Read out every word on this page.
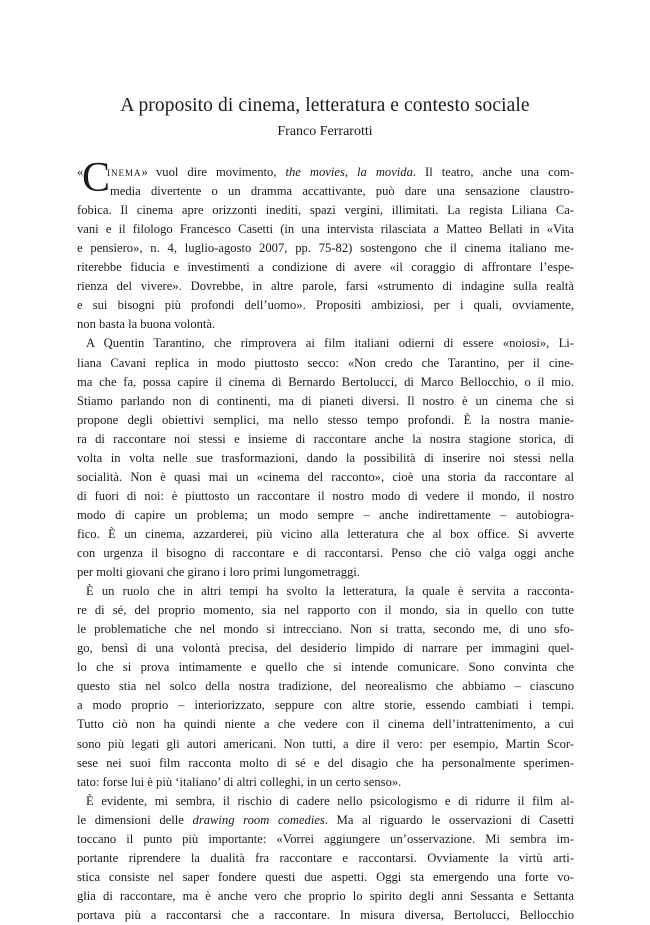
A proposito di cinema, letteratura e contesto sociale
Franco Ferrarotti
«
C
inema» vuol dire movimento, the movies, la movida. Il teatro, anche una com-
media divertente o un dramma accattivante, può dare una sensazione claustro-
fobica. Il cinema apre orizzonti inediti, spazi vergini, illimitati. La regista Liliana Ca-
vani e il filologo Francesco Casetti (in una intervista rilasciata a Matteo Bellati in «Vita
e pensiero», n. 4, luglio-agosto 2007, pp. 75-82) sostengono che il cinema italiano me-
riterebbe fiducia e investimenti a condizione di avere «il coraggio di affrontare l’espe-
rienza del vivere». Dovrebbe, in altre parole, farsi «strumento di indagine sulla realtà
e sui bisogni più profondi dell’uomo». Propositi ambiziosi, per i quali, ovviamente,
non basta la buona volontà.
A Quentin Tarantino, che rimprovera ai film italiani odierni di essere «noiosi», Li-
liana Cavani replica in modo piuttosto secco: «Non credo che Tarantino, per il cine-
ma che fa, possa capire il cinema di Bernardo Bertolucci, di Marco Bellocchio, o il mio.
Stiamo parlando non di continenti, ma di pianeti diversi. Il nostro è un cinema che si
propone degli obiettivi semplici, ma nello stesso tempo profondi. È la nostra manie-
ra di raccontare noi stessi e insieme di raccontare anche la nostra stagione storica, di
volta in volta nelle sue trasformazioni, dando la possibilità di inserire noi stessi nella
socialità. Non è quasi mai un «cinema del racconto», cioè una storia da raccontare al
di fuori di noi: è piuttosto un raccontare il nostro modo di vedere il mondo, il nostro
modo di capire un problema; un modo sempre – anche indirettamente – autobiogra-
fico. È un cinema, azzarderei, più vicino alla letteratura che al box office. Si avverte
con urgenza il bisogno di raccontare e di raccontarsi. Penso che ciò valga oggi anche
per molti giovani che girano i loro primi lungometraggi.
È un ruolo che in altri tempi ha svolto la letteratura, la quale è servita a racconta-
re di sé, del proprio momento, sia nel rapporto con il mondo, sia in quello con tutte
le problematiche che nel mondo si intrecciano. Non si tratta, secondo me, di uno sfo-
go, bensì di una volontà precisa, del desiderio limpido di narrare per immagini quel-
lo che si prova intimamente e quello che si intende comunicare. Sono convinta che
questo stia nel solco della nostra tradizione, del neorealismo che abbiamo – ciascuno
a modo proprio – interiorizzato, seppure con altre storie, essendo cambiati i tempi.
Tutto ciò non ha quindi niente a che vedere con il cinema dell’intrattenimento, a cui
sono più legati gli autori americani. Non tutti, a dire il vero: per esempio, Martin Scor-
sese nei suoi film racconta molto di sé e del disagio che ha personalmente sperimen-
tato: forse lui è più ‘italiano’ di altri colleghi, in un certo senso».
È evidente, mi sembra, il rischio di cadere nello psicologismo e di ridurre il film al-
le dimensioni delle drawing room comedies. Ma al riguardo le osservazioni di Casetti
toccano il punto più importante: «Vorrei aggiungere un’osservazione. Mi sembra im-
portante riprendere la dualità fra raccontare e raccontarsi. Ovviamente la virtù arti-
stica consiste nel saper fondere questi due aspetti. Oggi sta emergendo una forte vo-
glia di raccontare, ma è anche vero che proprio lo spirito degli anni Sessanta e Settanta
portava più a raccontarsi che a raccontare. In misura diversa, Bertolucci, Bellocchio
